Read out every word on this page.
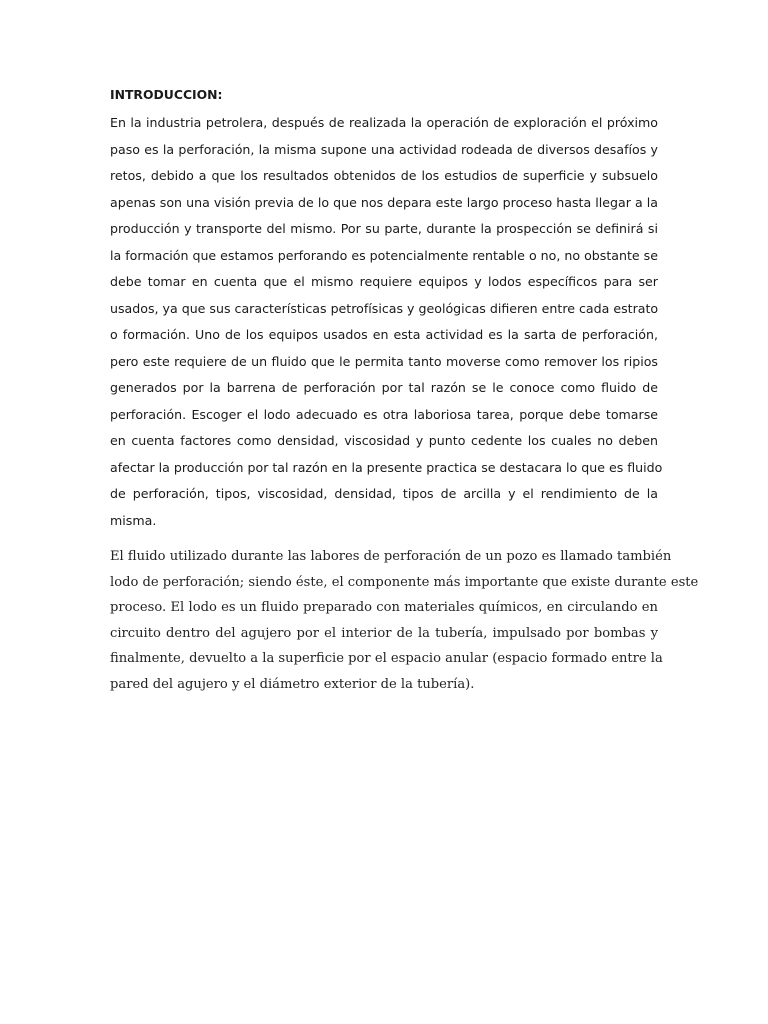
INTRODUCCION:
En la industria petrolera, después de realizada la operación de exploración el próximo
paso es la perforación, la misma supone una actividad rodeada de diversos desafíos y
retos, debido a que los resultados obtenidos de los estudios de superficie y subsuelo
apenas son una visión previa de lo que nos depara este largo proceso hasta llegar a la
producción y transporte del mismo. Por su parte, durante la prospección se definirá si
la formación que estamos perforando es potencialmente rentable o no, no obstante se
debe tomar en cuenta que el mismo requiere equipos y lodos específicos para ser
usados, ya que sus características petrofísicas y geológicas difieren entre cada estrato
o formación. Uno de los equipos usados en esta actividad es la sarta de perforación,
pero este requiere de un fluido que le permita tanto moverse como remover los ripios
generados por la barrena de perforación por tal razón se le conoce como fluido de
perforación. Escoger el lodo adecuado es otra laboriosa tarea, porque debe tomarse
en cuenta factores como densidad, viscosidad y punto cedente los cuales no deben
afectar la producción por tal razón en la presente practica se destacara lo que es fluido
de perforación, tipos, viscosidad, densidad, tipos de arcilla y el rendimiento de la
misma.
El fluido utilizado durante las labores de perforación de un pozo es llamado también
lodo de perforación; siendo éste, el componente más importante que existe durante este
proceso. El lodo es un fluido preparado con materiales químicos, en circulando en
circuito dentro del agujero por el interior de la tubería, impulsado por bombas y
finalmente, devuelto a la superficie por el espacio anular (espacio formado entre la
pared del agujero y el diámetro exterior de la tubería).
